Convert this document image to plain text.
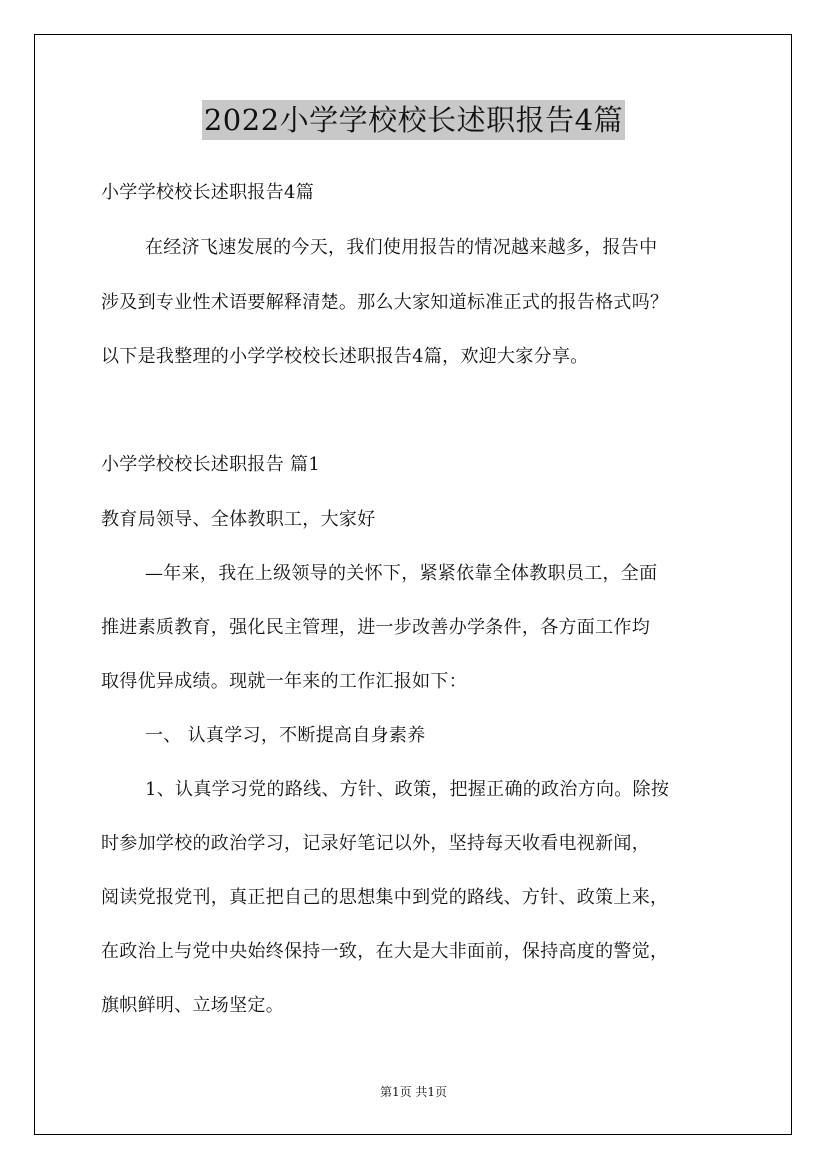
2022小学学校校长述职报告4篇
小学学校校长述职报告4篇
在经济飞速发展的今天，我们使用报告的情况越来越多，报告中
涉及到专业性术语要解释清楚。那么大家知道标准正式的报告格式吗？
以下是我整理的小学学校校长述职报告4篇，欢迎大家分享。
小学学校校长述职报告 篇1
教育局领导、全体教职工，大家好
—年来，我在上级领导的关怀下，紧紧依靠全体教职员工，全面
推进素质教育，强化民主管理，进一步改善办学条件，各方面工作均
取得优异成绩。现就一年来的工作汇报如下：
一、 认真学习，不断提高自身素养
1、认真学习党的路线、方针、政策，把握正确的政治方向。除按
时参加学校的政治学习，记录好笔记以外，坚持每天收看电视新闻，
阅读党报党刊，真正把自己的思想集中到党的路线、方针、政策上来，
在政治上与党中央始终保持一致，在大是大非面前，保持高度的警觉，
旗帜鲜明、立场坚定。
第1页 共1页
